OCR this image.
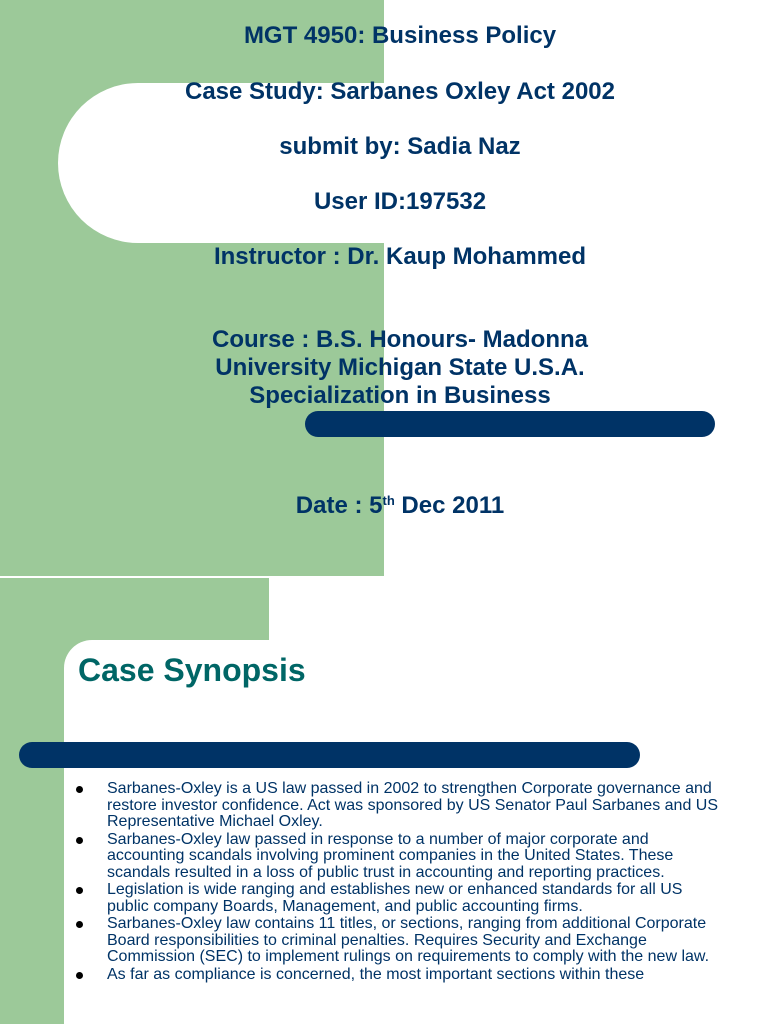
MGT 4950: Business Policy

Case Study: Sarbanes Oxley Act 2002

submit by: Sadia Naz

User ID:197532

Instructor : Dr. Kaup Mohammed

Course : B.S. Honours- Madonna
University Michigan State U.S.A.
Specialization in Business

Date : 5th Dec 2011

Case Synopsis
Sarbanes-Oxley is a US law passed in 2002 to strengthen Corporate governance and restore investor confidence. Act was sponsored by US Senator Paul Sarbanes and US Representative Michael Oxley.
Sarbanes-Oxley law passed in response to a number of major corporate and accounting scandals involving prominent companies in the United States. These scandals resulted in a loss of public trust in accounting and reporting practices.
Legislation is wide ranging and establishes new or enhanced standards for all US public company Boards, Management, and public accounting firms.
Sarbanes-Oxley law contains 11 titles, or sections, ranging from additional Corporate Board responsibilities to criminal penalties. Requires Security and Exchange Commission (SEC) to implement rulings on requirements to comply with the new law.
As far as compliance is concerned, the most important sections within these
